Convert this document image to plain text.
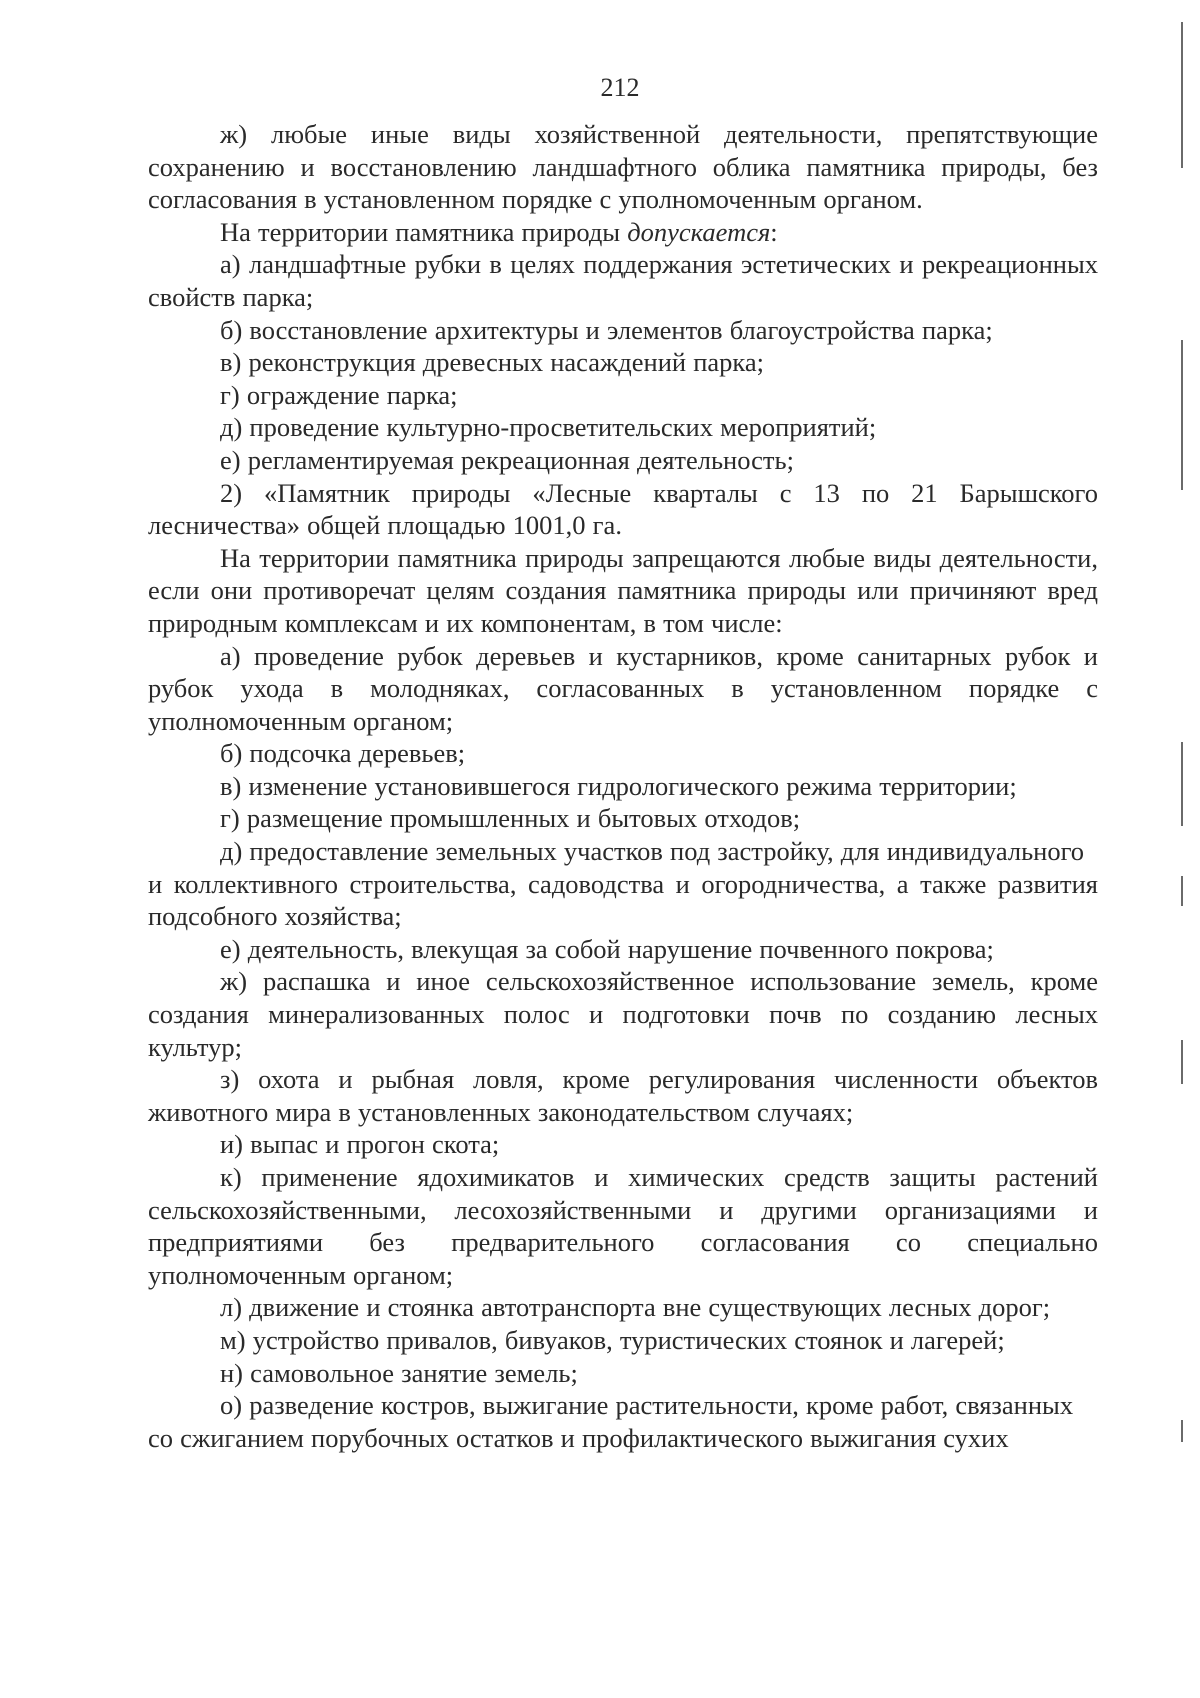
212

ж) любые иные виды хозяйственной деятельности, препятствующие сохранению и восстановлению ландшафтного облика памятника природы, без согласования в установленном порядке с уполномоченным органом.

На территории памятника природы допускается:

а) ландшафтные рубки в целях поддержания эстетических и рекреационных свойств парка;

б) восстановление архитектуры и элементов благоустройства парка;

в) реконструкция древесных насаждений парка;

г) ограждение парка;

д) проведение культурно-просветительских мероприятий;

е) регламентируемая рекреационная деятельность;

2) «Памятник природы «Лесные кварталы с 13 по 21 Барышского лесничества» общей площадью 1001,0 га.

На территории памятника природы запрещаются любые виды деятельности, если они противоречат целям создания памятника природы или причиняют вред природным комплексам и их компонентам, в том числе:

а) проведение рубок деревьев и кустарников, кроме санитарных рубок и рубок ухода в молодняках, согласованных в установленном порядке с уполномоченным органом;

б) подсочка деревьев;

в) изменение установившегося гидрологического режима территории;

г) размещение промышленных и бытовых отходов;

д) предоставление земельных участков под застройку, для индивидуального

и коллективного строительства, садоводства и огородничества, а также развития подсобного хозяйства;

е) деятельность, влекущая за собой нарушение почвенного покрова;

ж) распашка и иное сельскохозяйственное использование земель, кроме создания минерализованных полос и подготовки почв по созданию лесных культур;

з) охота и рыбная ловля, кроме регулирования численности объектов животного мира в установленных законодательством случаях;

и) выпас и прогон скота;

к) применение ядохимикатов и химических средств защиты растений сельскохозяйственными, лесохозяйственными и другими организациями и предприятиями без предварительного согласования со специально уполномоченным органом;

л) движение и стоянка автотранспорта вне существующих лесных дорог;

м) устройство привалов, бивуаков, туристических стоянок и лагерей;

н) самовольное занятие земель;

о) разведение костров, выжигание растительности, кроме работ, связанных

со сжиганием порубочных остатков и профилактического выжигания сухих
